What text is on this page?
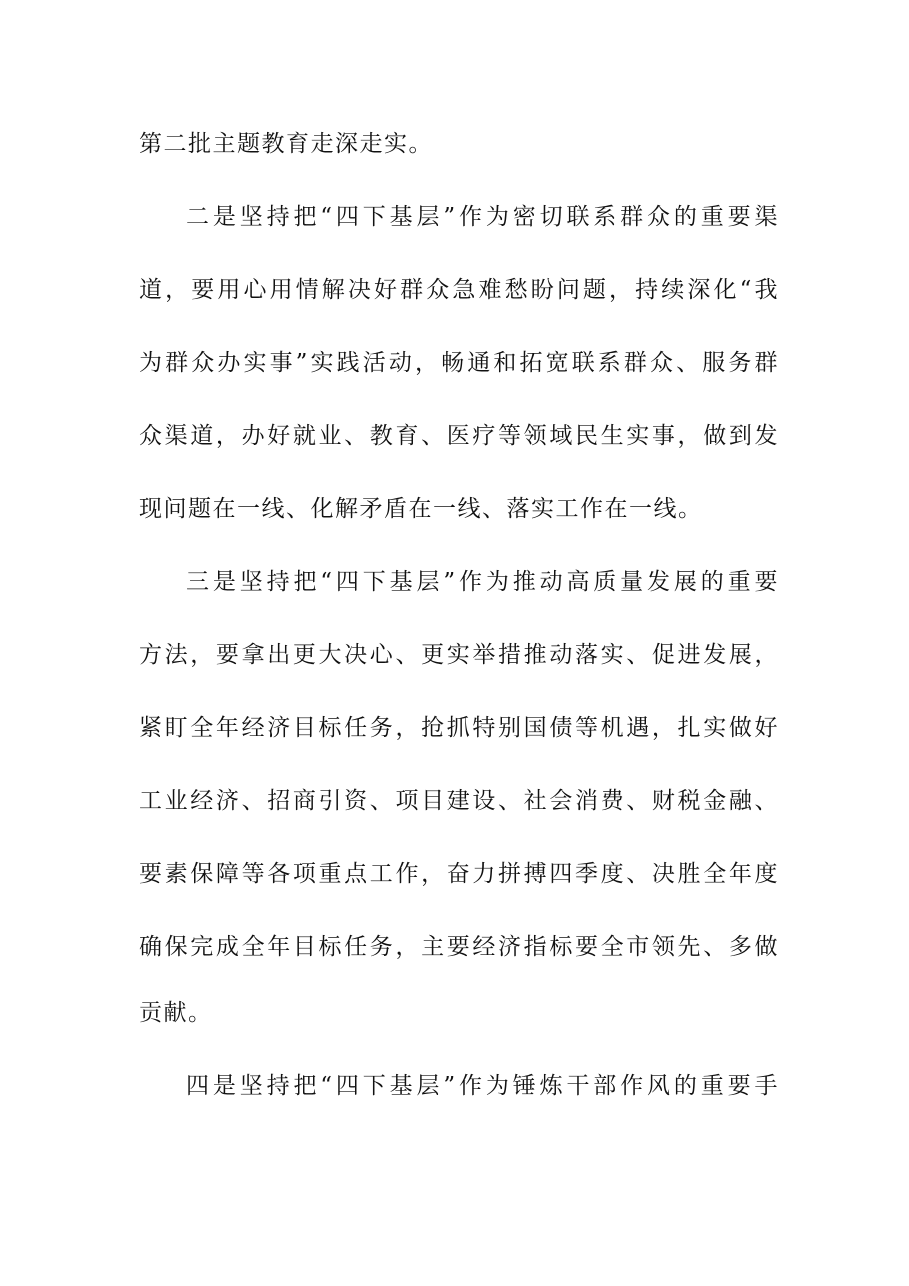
第二批主题教育走深走实。
二是坚持把“四下基层”作为密切联系群众的重要渠
道，要用心用情解决好群众急难愁盼问题，持续深化“我
为群众办实事”实践活动，畅通和拓宽联系群众、服务群
众渠道，办好就业、教育、医疗等领域民生实事，做到发
现问题在一线、化解矛盾在一线、落实工作在一线。
三是坚持把“四下基层”作为推动高质量发展的重要
方法，要拿出更大决心、更实举措推动落实、促进发展，
紧盯全年经济目标任务，抢抓特别国债等机遇，扎实做好
工业经济、招商引资、项目建设、社会消费、财税金融、
要素保障等各项重点工作，奋力拼搏四季度、决胜全年度
确保完成全年目标任务，主要经济指标要全市领先、多做
贡献。
四是坚持把“四下基层”作为锤炼干部作风的重要手
